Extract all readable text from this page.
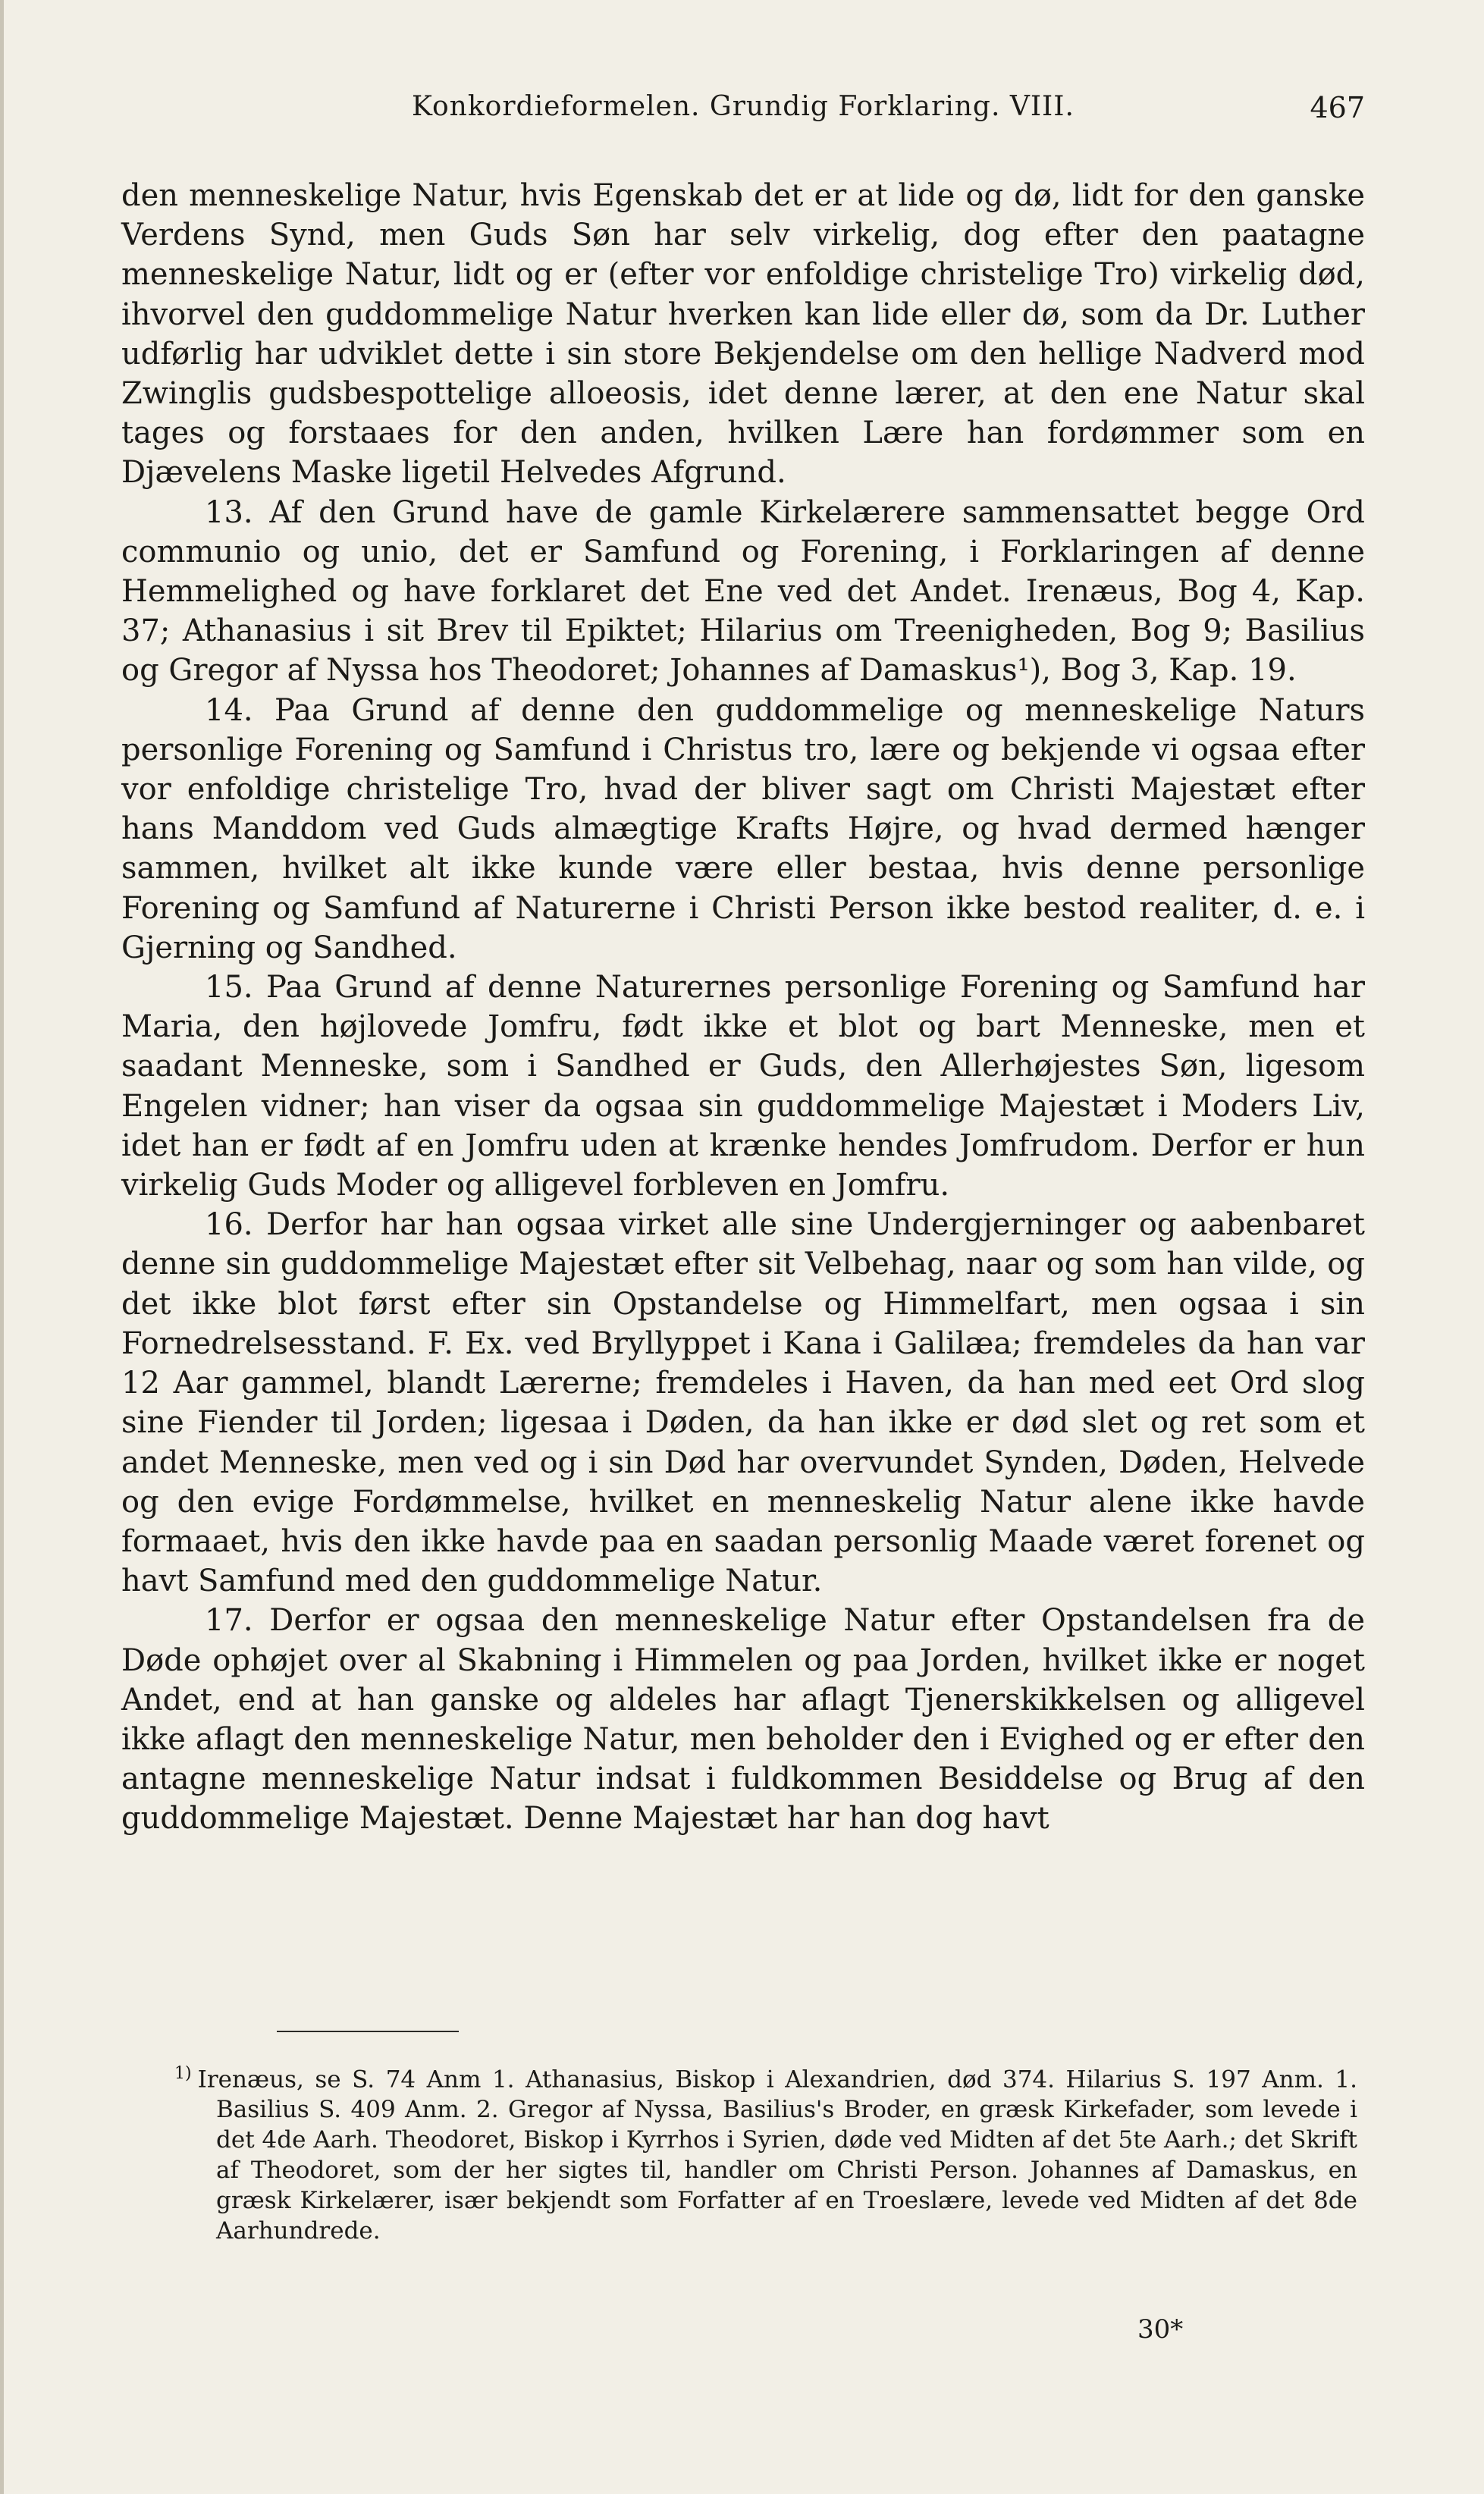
Konkordieformelen. Grundig Forklaring. VIII.	467

den menneskelige Natur, hvis Egenskab det er at lide og dø, lidt for den ganske Verdens Synd, men Guds Søn har selv virkelig, dog efter den paatagne menneskelige Natur, lidt og er (efter vor enfoldige christelige Tro) virkelig død, ihvorvel den guddommelige Natur hverken kan lide eller dø, som da Dr. Luther udførlig har udviklet dette i sin store Bekjendelse om den hellige Nadverd mod Zwinglis gudsbespottelige alloeosis, idet denne lærer, at den ene Natur skal tages og forstaaes for den anden, hvilken Lære han fordømmer som en Djævelens Maske ligetil Helvedes Afgrund.

13. Af den Grund have de gamle Kirkelærere sammensattet begge Ord communio og unio, det er Samfund og Forening, i Forklaringen af denne Hemmelighed og have forklaret det Ene ved det Andet. Irenæus, Bog 4, Kap. 37; Athanasius i sit Brev til Epiktet; Hilarius om Treenigheden, Bog 9; Basilius og Gregor af Nyssa hos Theodoret; Johannes af Damaskus¹), Bog 3, Kap. 19.

14. Paa Grund af denne den guddommelige og menneskelige Naturs personlige Forening og Samfund i Christus tro, lære og bekjende vi ogsaa efter vor enfoldige christelige Tro, hvad der bliver sagt om Christi Majestæt efter hans Manddom ved Guds almægtige Krafts Højre, og hvad dermed hænger sammen, hvilket alt ikke kunde være eller bestaa, hvis denne personlige Forening og Samfund af Naturerne i Christi Person ikke bestod realiter, d. e. i Gjerning og Sandhed.

15. Paa Grund af denne Naturernes personlige Forening og Samfund har Maria, den højlovede Jomfru, født ikke et blot og bart Menneske, men et saadant Menneske, som i Sandhed er Guds, den Allerhøjestes Søn, ligesom Engelen vidner; han viser da ogsaa sin guddommelige Majestæt i Moders Liv, idet han er født af en Jomfru uden at krænke hendes Jomfrudom. Derfor er hun virkelig Guds Moder og alligevel forbleven en Jomfru.

16. Derfor har han ogsaa virket alle sine Undergjerninger og aabenbaret denne sin guddommelige Majestæt efter sit Velbehag, naar og som han vilde, og det ikke blot først efter sin Opstandelse og Himmelfart, men ogsaa i sin Fornedrelsesstand. F. Ex. ved Bryllyppet i Kana i Galilæa; fremdeles da han var 12 Aar gammel, blandt Lærerne; fremdeles i Haven, da han med eet Ord slog sine Fiender til Jorden; ligesaa i Døden, da han ikke er død slet og ret som et andet Menneske, men ved og i sin Død har overvundet Synden, Døden, Helvede og den evige Fordømmelse, hvilket en menneskelig Natur alene ikke havde formaaet, hvis den ikke havde paa en saadan personlig Maade været forenet og havt Samfund med den guddommelige Natur.

17. Derfor er ogsaa den menneskelige Natur efter Opstandelsen fra de Døde ophøjet over al Skabning i Himmelen og paa Jorden, hvilket ikke er noget Andet, end at han ganske og aldeles har aflagt Tjenerskikkelsen og alligevel ikke aflagt den menneskelige Natur, men beholder den i Evighed og er efter den antagne menneskelige Natur indsat i fuldkommen Besiddelse og Brug af den guddommelige Majestæt. Denne Majestæt har han dog havt

$^{1)}$ Irenæus, se S. 74 Anm 1. Athanasius, Biskop i Alexandrien, død 374. Hilarius S. 197 Anm. 1. Basilius S. 409 Anm. 2. Gregor af Nyssa, Basilius's Broder, en græsk Kirkefader, som levede i det 4de Aarh. Theodoret, Biskop i Kyrrhos i Syrien, døde ved Midten af det 5te Aarh.; det Skrift af Theodoret, som der her sigtes til, handler om Christi Person. Johannes af Damaskus, en græsk Kirkelærer, især bekjendt som Forfatter af en Troeslære, levede ved Midten af det 8de Aarhundrede.

30*
